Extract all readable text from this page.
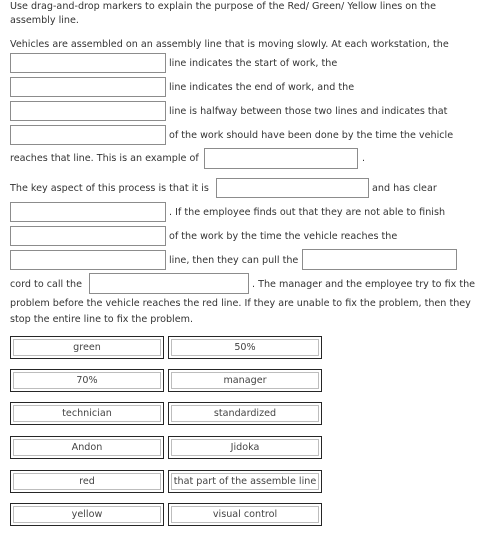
Use drag-and-drop markers to explain the purpose of the Red/ Green/ Yellow lines on the assembly line.
Vehicles are assembled on an assembly line that is moving slowly. At each workstation, the
line indicates the start of work, the
line indicates the end of work, and the
line is halfway between those two lines and indicates that
of the work should have been done by the time the vehicle
reaches that line. This is an example of	.
The key aspect of this process is that it is	and has clear
. If the employee finds out that they are not able to finish
of the work by the time the vehicle reaches the
line, then they can pull the
cord to call the	. The manager and the employee try to fix the
problem before the vehicle reaches the red line. If they are unable to fix the problem, then they stop the entire line to fix the problem.
green	50%
70%	manager
technician	standardized
Andon	Jidoka
red	that part of the assemble line
yellow	visual control
